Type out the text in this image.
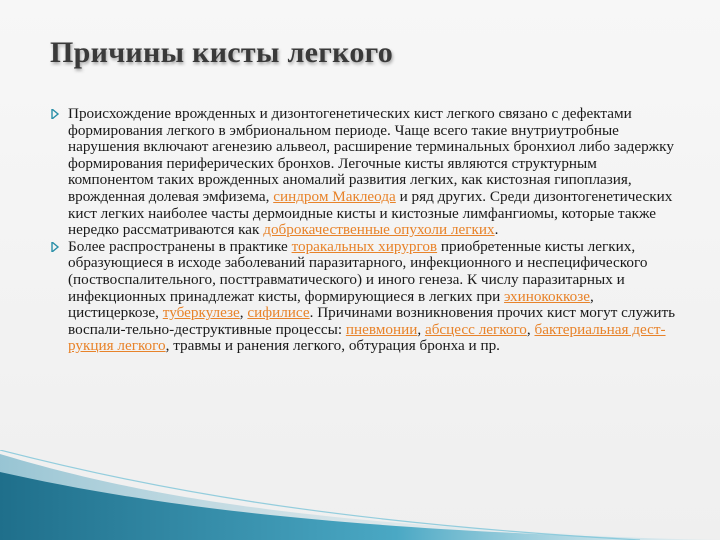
Причины кисты легкого
Происхождение врожденных и дизонтогенетических кист легкого связано с дефектами формирования легкого в эмбриональном периоде. Чаще всего такие внутриутробные нарушения включают агенезию альвеол, расширение терминальных бронхиол либо задержку формирования периферических бронхов. Легочные кисты являются структурным компонентом таких врожденных аномалий развития легких, как кистозная гипоплазия, врожденная долевая эмфизема, синдром Маклеода и ряд других. Среди дизонтогенетических кист легких наиболее часты дермоидные кисты и кистозные лимфангиомы, которые также нередко рассматриваются как доброкачественные опухоли легких.
Более распространены в практике торакальных хирургов приобретенные кисты легких, образующиеся в исходе заболеваний паразитарного, инфекционного и неспецифического (поствоспалительного, посттравматического) и иного генеза. К числу паразитарных и инфекционных принадлежат кисты, формирующиеся в легких при эхинококкозе, цистицеркозе, туберкулезе, сифилисе. Причинами возникновения прочих кист могут служить воспали-тельно-деструктивные процессы: пневмонии, абсцесс легкого, бактериальная дест-рукция легкого, травмы и ранения легкого, обтурация бронха и пр.
